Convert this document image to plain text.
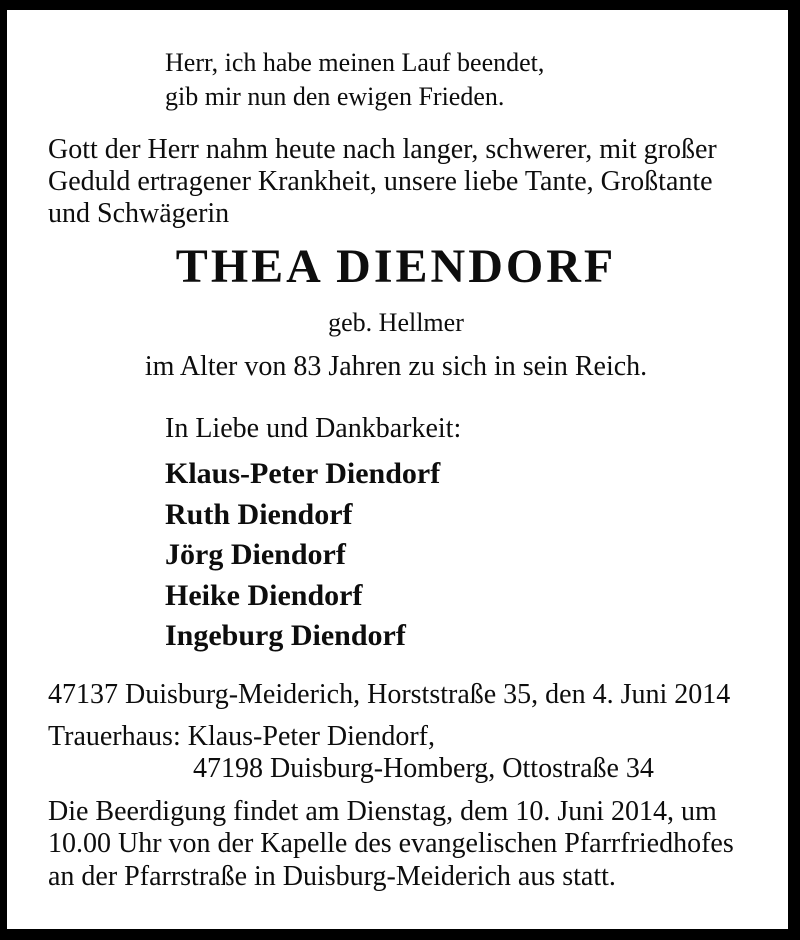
Herr, ich habe meinen Lauf beendet,
gib mir nun den ewigen Frieden.
Gott der Herr nahm heute nach langer, schwerer, mit großer
Geduld ertragener Krankheit, unsere liebe Tante, Großtante
und Schwägerin
THEA DIENDORF
geb. Hellmer
im Alter von 83 Jahren zu sich in sein Reich.
In Liebe und Dankbarkeit:
Klaus-Peter Diendorf
Ruth Diendorf
Jörg Diendorf
Heike Diendorf
Ingeburg Diendorf
47137 Duisburg-Meiderich, Horststraße 35, den 4. Juni 2014
Trauerhaus: Klaus-Peter Diendorf,
47198 Duisburg-Homberg, Ottostraße 34
Die Beerdigung findet am Dienstag, dem 10. Juni 2014, um
10.00 Uhr von der Kapelle des evangelischen Pfarrfriedhofes
an der Pfarrstraße in Duisburg-Meiderich aus statt.
